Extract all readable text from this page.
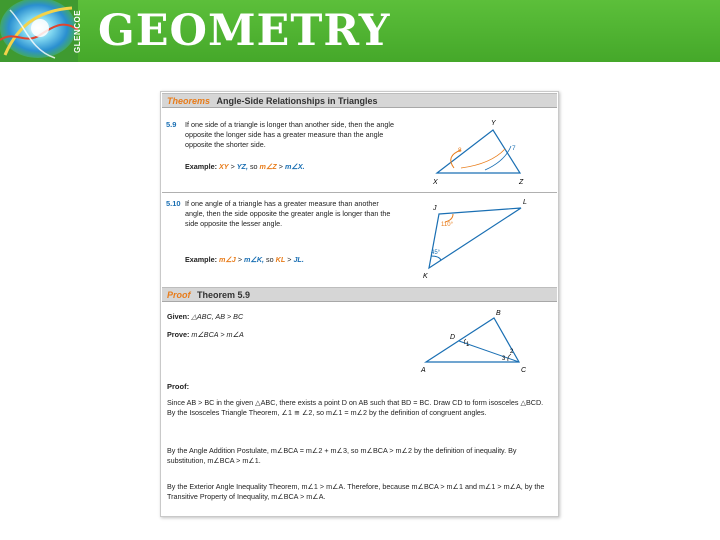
GLENCOE GEOMETRY
Theorems Angle-Side Relationships in Triangles
5.9 If one side of a triangle is longer than another side, then the angle opposite the longer side has a greater measure than the angle opposite the shorter side.
Example: XY > YZ, so m∠Z > m∠X.
Y
X	Z
8	7
5.10 If one angle of a triangle has a greater measure than another angle, then the side opposite the greater angle is longer than the side opposite the lesser angle.
Example: m∠J > m∠K, so KL > JL.
J
L
K
110°
45°
Proof Theorem 5.9
Given: △ABC, AB > BC
Prove: m∠BCA > m∠A
B
A	C
D
1
2
3
Proof:
Since AB > BC in the given △ABC, there exists a point D on AB such that BD = BC. Draw CD to form isosceles △BCD. By the Isosceles Triangle Theorem, ∠1 ≅ ∠2, so m∠1 = m∠2 by the definition of congruent angles.
By the Angle Addition Postulate, m∠BCA = m∠2 + m∠3, so m∠BCA > m∠2 by the definition of inequality. By substitution, m∠BCA > m∠1.
By the Exterior Angle Inequality Theorem, m∠1 > m∠A. Therefore, because m∠BCA > m∠1 and m∠1 > m∠A, by the Transitive Property of Inequality, m∠BCA > m∠A.
